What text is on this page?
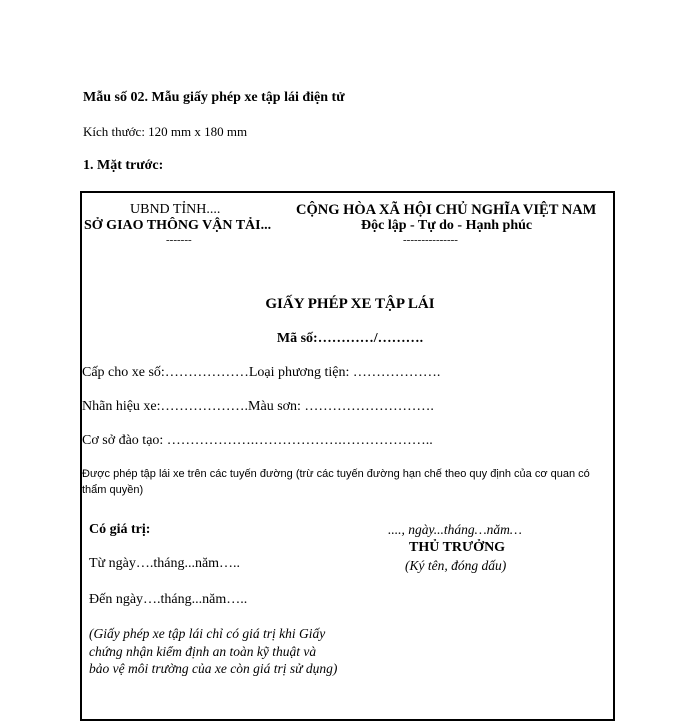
Mẫu số 02. Mẫu giấy phép xe tập lái điện tử
Kích thước: 120 mm x 180 mm
1. Mặt trước:
UBND TỈNH....
SỞ GIAO THÔNG VẬN TẢI...
-------
CỘNG HÒA XÃ HỘI CHỦ NGHĨA VIỆT NAM
Độc lập - Tự do - Hạnh phúc
---------------
GIẤY PHÉP XE TẬP LÁI
Mã số:…………/……….
Cấp cho xe số:………………Loại phương tiện: ……………….
Nhãn hiệu xe:……………….Màu sơn: ……………………….
Cơ sở đào tạo: ……………….……………….………………..
Được phép tập lái xe trên các tuyến đường (trừ các tuyến đường hạn chế theo quy định của cơ quan có thẩm quyền)
Có giá trị:
Từ ngày….tháng...năm…..
Đến ngày….tháng...năm…..
(Giấy phép xe tập lái chỉ có giá trị khi Giấy chứng nhận kiểm định an toàn kỹ thuật và bảo vệ môi trường của xe còn giá trị sử dụng)
...., ngày...tháng…năm…
THỦ TRƯỞNG
(Ký tên, đóng dấu)
